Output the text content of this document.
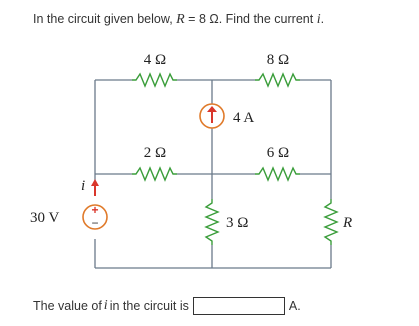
In the circuit given below, R = 8 Ω. Find the current i.
+
−
4 Ω	8 Ω
2 Ω	6 Ω
4 A
3 Ω	R
30 V
i
The value of i in the circuit is	A.
